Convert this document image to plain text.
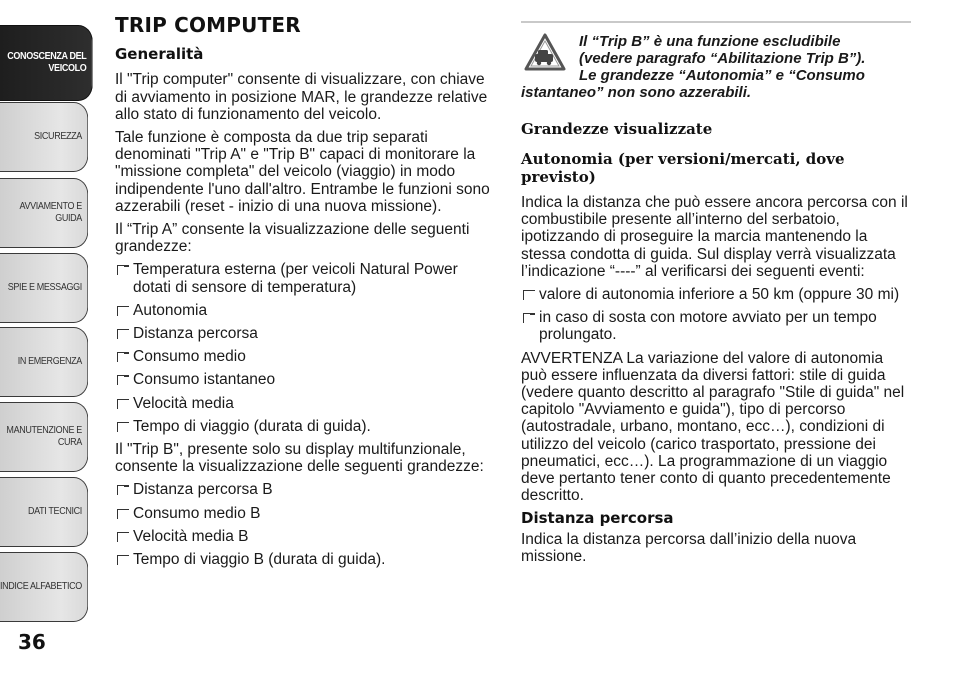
CONOSCENZA DEL VEICOLO
SICUREZZA
AVVIAMENTO E GUIDA
SPIE E MESSAGGI
IN EMERGENZA
MANUTENZIONE E CURA
DATI TECNICI
INDICE ALFABETICO
36
TRIP COMPUTER
Generalità

Il "Trip computer" consente di visualizzare, con chiave di avviamento in posizione MAR, le grandezze relative allo stato di funzionamento del veicolo.

Tale funzione è composta da due trip separati denominati "Trip A" e "Trip B" capaci di monitorare la "missione completa" del veicolo (viaggio) in modo indipendente l'uno dall'altro. Entrambe le funzioni sono azzerabili (reset - inizio di una nuova missione).

Il “Trip A” consente la visualizzazione delle seguenti grandezze:

Temperatura esterna (per veicoli Natural Power dotati di sensore di temperatura)
Autonomia
Distanza percorsa
Consumo medio
Consumo istantaneo
Velocità media
Tempo di viaggio (durata di guida).

Il "Trip B", presente solo su display multifunzionale, consente la visualizzazione delle seguenti grandezze:

Distanza percorsa B
Consumo medio B
Velocità media B
Tempo di viaggio B (durata di guida).
Il “Trip B” è una funzione escludibile
(vedere paragrafo “Abilitazione Trip B”).
Le grandezze “Autonomia” e “Consumo
istantaneo” non sono azzerabili.
Grandezze visualizzate
Autonomia (per versioni/mercati, dove previsto)

Indica la distanza che può essere ancora percorsa con il combustibile presente all’interno del serbatoio, ipotizzando di proseguire la marcia mantenendo la stessa condotta di guida. Sul display verrà visualizzata l’indicazione “----” al verificarsi dei seguenti eventi:

valore di autonomia inferiore a 50 km (oppure 30 mi)
in caso di sosta con motore avviato per un tempo prolungato.

AVVERTENZA La variazione del valore di autonomia può essere influenzata da diversi fattori: stile di guida (vedere quanto descritto al paragrafo "Stile di guida" nel capitolo "Avviamento e guida"), tipo di percorso (autostradale, urbano, montano, ecc…), condizioni di utilizzo del veicolo (carico trasportato, pressione dei pneumatici, ecc…). La programmazione di un viaggio deve pertanto tener conto di quanto precedentemente descritto.

Distanza percorsa

Indica la distanza percorsa dall’inizio della nuova missione.
